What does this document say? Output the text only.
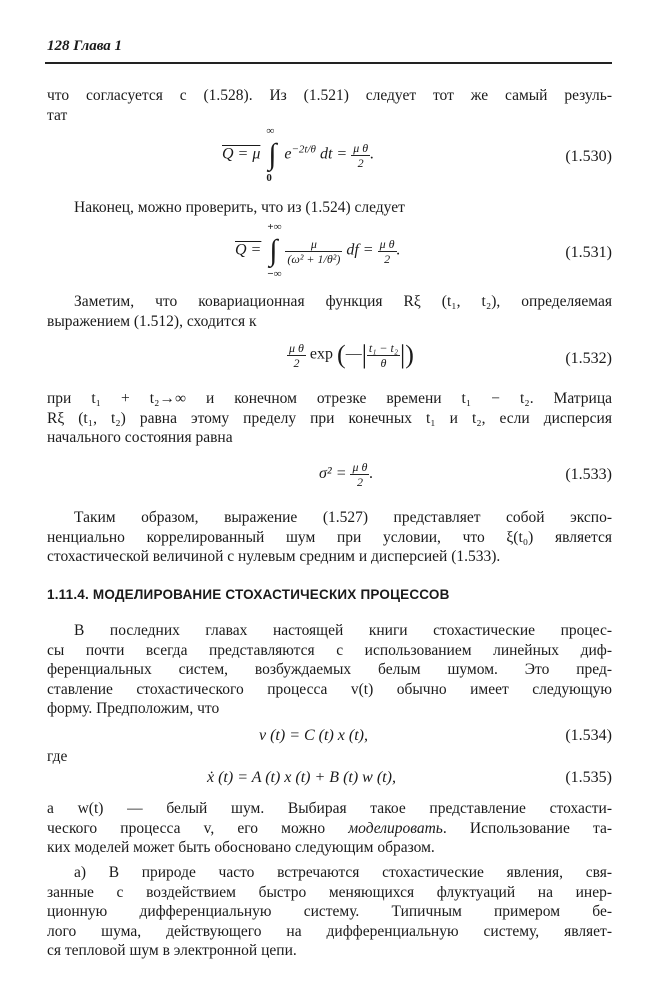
128 Глава 1
что согласуется с (1.528). Из (1.521) следует тот же самый резуль-
тат
Q = μ ∫
∞
0
$e^{-2t/\theta}$ dt = $\frac{\text{μ θ}}{2}$ .	(1.530)
Наконец, можно проверить, что из (1.524) следует
Q = ∫
+∞
−∞

$\frac{\mu}{\text{(ω² + 1/θ²)}}$ df = $\frac{\text{μ θ}}{2}$ .	(1.531)
Заметим, что ковариационная функция Rξ (t₁, t₂), определяемая
выражением (1.512), сходится к
$\frac{\text{μ θ}}{2}$ exp (—| $\frac{\text{t₁ − t₂}}{\theta}$ |)	(1.532)
при t₁ + t₂→∞ и конечном отрезке времени t₁ − t₂. Матрица
Rξ (t₁, t₂) равна этому пределу при конечных t₁ и t₂, если дисперсия
начального состояния равна
$\sigma^2 = \frac{\text{μ θ}}{2}$ .	(1.533)
Таким образом, выражение (1.527) представляет собой экспо-
ненциально коррелированный шум при условии, что ξ(t₀) является
стохастической величиной с нулевым средним и дисперсией (1.533).
1.11.4. МОДЕЛИРОВАНИЕ СТОХАСТИЧЕСКИХ ПРОЦЕССОВ
В последних главах настоящей книги стохастические процес-
сы почти всегда представляются с использованием линейных диф-
ференциальных систем, возбуждаемых белым шумом. Это пред-
ставление стохастического процесса v(t) обычно имеет следующую
форму. Предположим, что
v (t) = C (t) x (t),	(1.534)
где
ẋ (t) = A (t) x (t) + B (t) w (t),	(1.535)
а w(t) — белый шум. Выбирая такое представление стохасти-
ческого процесса v, его можно моделировать. Использование та-
ких моделей может быть обосновано следующим образом.
а) В природе часто встречаются стохастические явления, свя-
занные с воздействием быстро меняющихся флуктуаций на инер-
ционную дифференциальную систему. Типичным примером бе-
лого шума, действующего на дифференциальную систему, являет-
ся тепловой шум в электронной цепи.
